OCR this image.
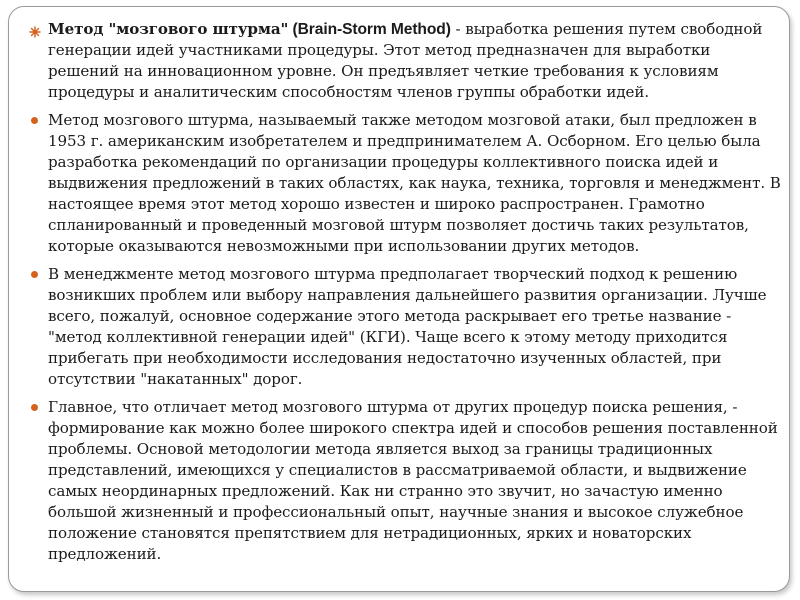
Метод "мозгового штурма" (Brain-Storm Method) - выработка решения путем свободной генерации идей участниками процедуры. Этот метод предназначен для выработки решений на инновационном уровне. Он предъявляет четкие требования к условиям процедуры и аналитическим способностям членов группы обработки идей.

Метод мозгового штурма, называемый также методом мозговой атаки, был предложен в 1953 г. американским изобретателем и предпринимателем А. Осборном. Его целью была разработка рекомендаций по организации процедуры коллективного поиска идей и выдвижения предложений в таких областях, как наука, техника, торговля и менеджмент. В настоящее время этот метод хорошо известен и широко распространен. Грамотно спланированный и проведенный мозговой штурм позволяет достичь таких результатов, которые оказываются невозможными при использовании других методов.

В менеджменте метод мозгового штурма предполагает творческий подход к решению возникших проблем или выбору направления дальнейшего развития организации. Лучше всего, пожалуй, основное содержание этого метода раскрывает его третье название - "метод коллективной генерации идей" (КГИ). Чаще всего к этому методу приходится прибегать при необходимости исследования недостаточно изученных областей, при отсутствии "накатанных" дорог.

Главное, что отличает метод мозгового штурма от других процедур поиска решения, - формирование как можно более широкого спектра идей и способов решения поставленной проблемы. Основой методологии метода является выход за границы традиционных представлений, имеющихся у специалистов в рассматриваемой области, и выдвижение самых неординарных предложений. Как ни странно это звучит, но зачастую именно большой жизненный и профессиональный опыт, научные знания и высокое служебное положение становятся препятствием для нетрадиционных, ярких и новаторских предложений.
